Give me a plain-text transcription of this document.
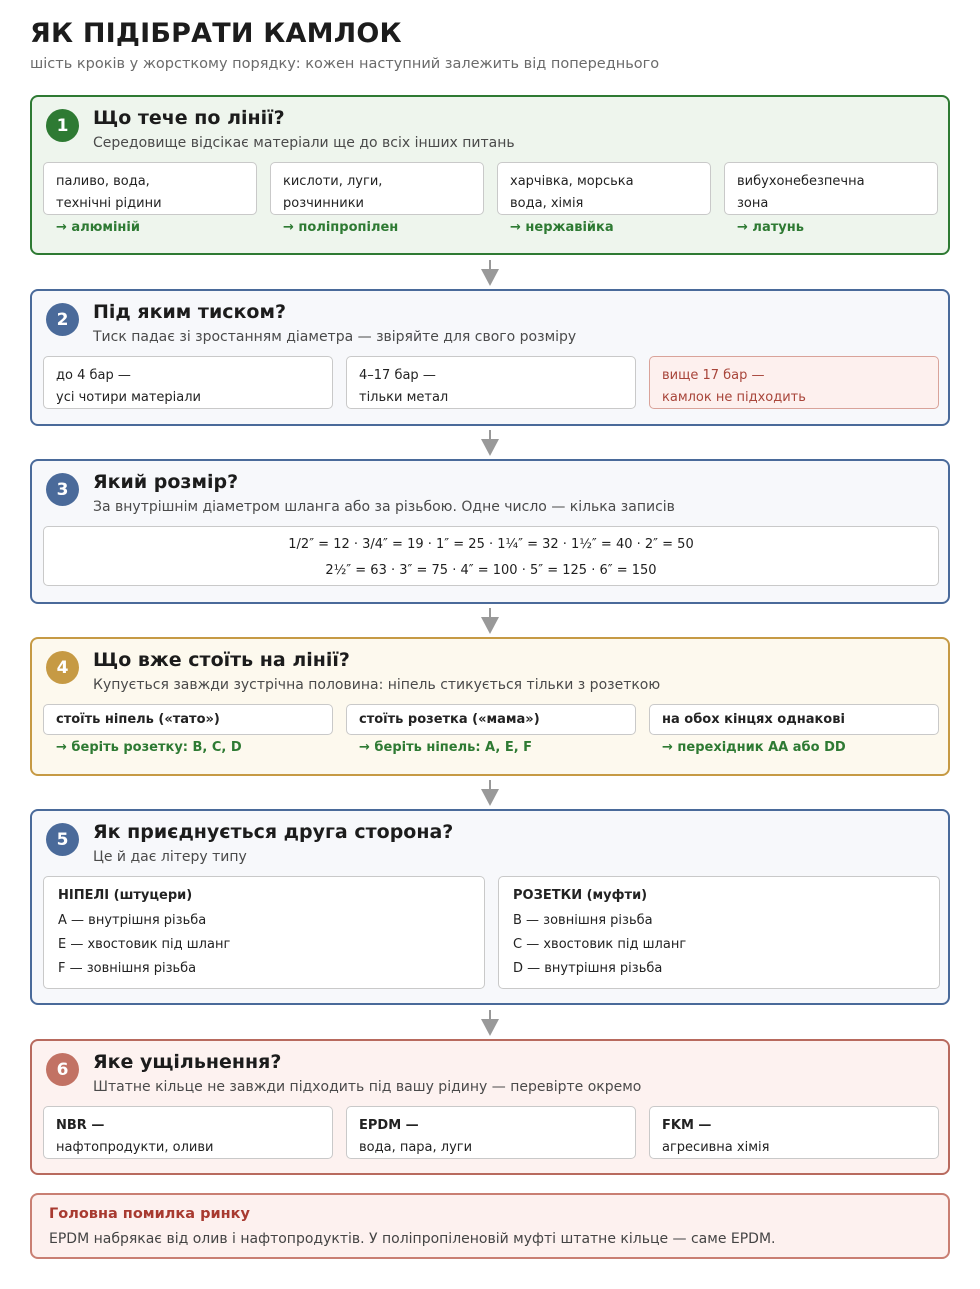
ЯК ПІДІБРАТИ КАМЛОК
шість кроків у жорсткому порядку: кожен наступний залежить від попереднього
1	Що тече по лінії?
Середовище відсікає матеріали ще до всіх інших питань
паливо, вода,
технічні рідини
→ алюміній
кислоти, луги,
розчинники
→ поліпропілен
харчівка, морська
вода, хімія
→ нержавійка
вибухонебезпечна
зона
→ латунь
2	Під яким тиском?
Тиск падає зі зростанням діаметра — звіряйте для свого розміру
до 4 бар —
усі чотири матеріали
4–17 бар —
тільки метал
вище 17 бар —
камлок не підходить
3	Який розмір?
За внутрішнім діаметром шланга або за різьбою. Одне число — кілька записів
1/2″ = 12 · 3/4″ = 19 · 1″ = 25 · 1¼″ = 32 · 1½″ = 40 · 2″ = 50
2½″ = 63 · 3″ = 75 · 4″ = 100 · 5″ = 125 · 6″ = 150
4	Що вже стоїть на лінії?
Купується завжди зустрічна половина: ніпель стикується тільки з розеткою
стоїть ніпель («тато»)
→ беріть розетку: B, C, D
стоїть розетка («мама»)
→ беріть ніпель: A, E, F
на обох кінцях однакові
→ перехідник AA або DD
5	Як приєднується друга сторона?
Це й дає літеру типу
НІПЕЛІ (штуцери)
A — внутрішня різьба
E — хвостовик під шланг
F — зовнішня різьба
РОЗЕТКИ (муфти)
B — зовнішня різьба
C — хвостовик під шланг
D — внутрішня різьба
6	Яке ущільнення?
Штатне кільце не завжди підходить під вашу рідину — перевірте окремо
NBR —
нафтопродукти, оливи
EPDM —
вода, пара, луги
FKM —
агресивна хімія
Головна помилка ринку
EPDM набрякає від олив і нафтопродуктів. У поліпропіленовій муфті штатне кільце — саме EPDM.
